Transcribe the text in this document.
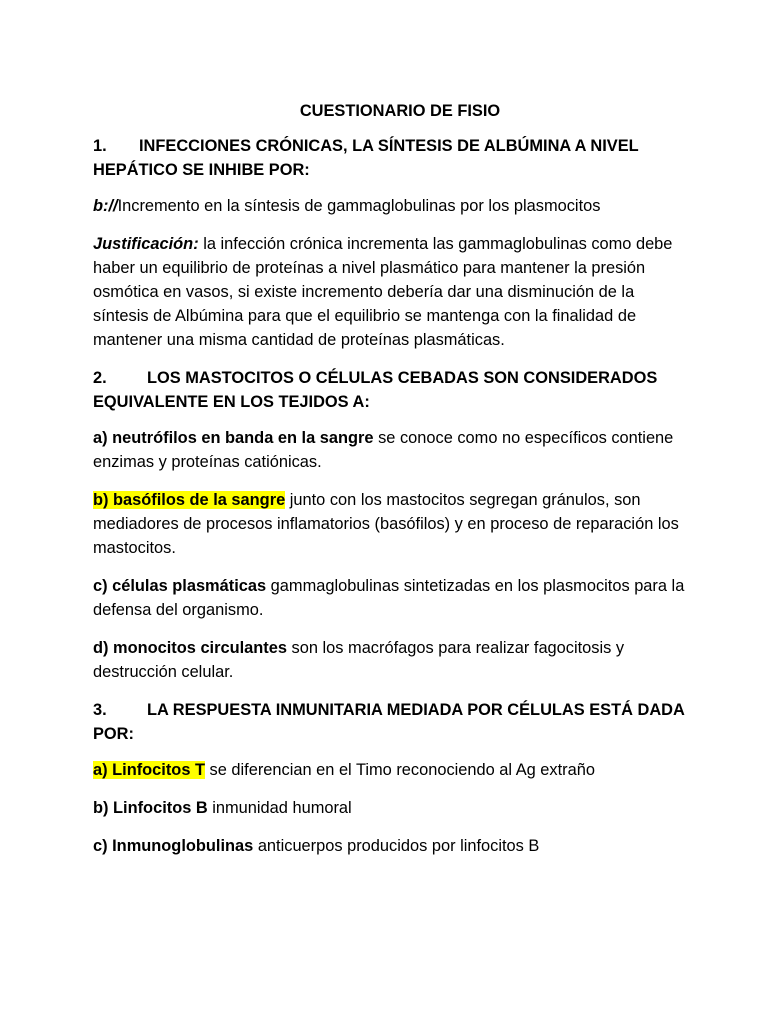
CUESTIONARIO DE FISIO

1. INFECCIONES CRÓNICAS, LA SÍNTESIS DE ALBÚMINA A NIVEL HEPÁTICO SE INHIBE POR:

b://Incremento en la síntesis de gammaglobulinas por los plasmocitos

Justificación: la infección crónica incrementa las gammaglobulinas como debe haber un equilibrio de proteínas a nivel plasmático para mantener la presión osmótica en vasos, si existe incremento debería dar una disminución de la síntesis de Albúmina para que el equilibrio se mantenga con la finalidad de mantener una misma cantidad de proteínas plasmáticas.

2. LOS MASTOCITOS O CÉLULAS CEBADAS SON CONSIDERADOS EQUIVALENTE EN LOS TEJIDOS A:

a) neutrófilos en banda en la sangre se conoce como no específicos contiene enzimas y proteínas catiónicas.

b) basófilos de la sangre junto con los mastocitos segregan gránulos, son mediadores de procesos inflamatorios (basófilos) y en proceso de reparación los mastocitos.

c) células plasmáticas gammaglobulinas sintetizadas en los plasmocitos para la defensa del organismo.

d) monocitos circulantes son los macrófagos para realizar fagocitosis y destrucción celular.

3. LA RESPUESTA INMUNITARIA MEDIADA POR CÉLULAS ESTÁ DADA POR:

a) Linfocitos T se diferencian en el Timo reconociendo al Ag extraño

b) Linfocitos B inmunidad humoral

c) Inmunoglobulinas anticuerpos producidos por linfocitos B
